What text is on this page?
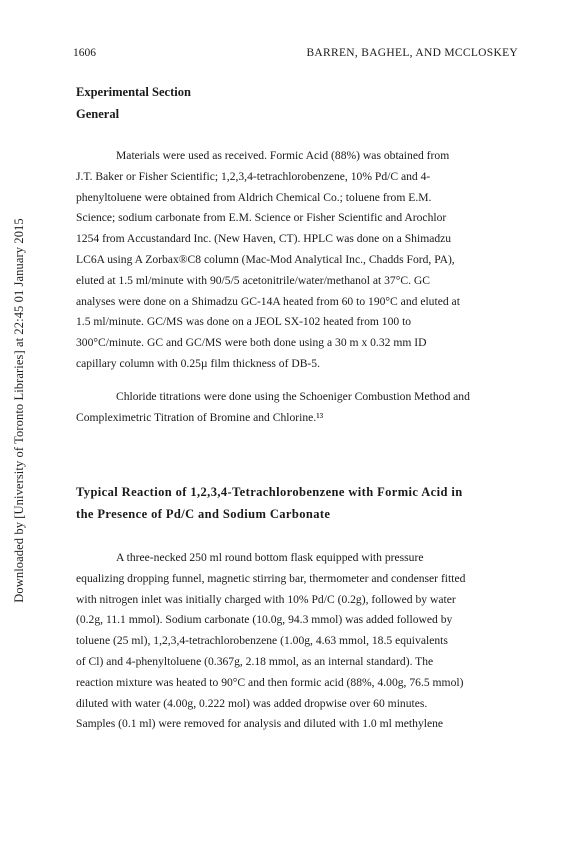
Downloaded by [University of Toronto Libraries] at 22:45 01 January 2015
1606	BARREN, BAGHEL, AND MCCLOSKEY
Experimental Section
General
Materials were used as received. Formic Acid (88%) was obtained from
J.T. Baker or Fisher Scientific; 1,2,3,4-tetrachlorobenzene, 10% Pd/C and 4-
phenyltoluene were obtained from Aldrich Chemical Co.; toluene from E.M.
Science; sodium carbonate from E.M. Science or Fisher Scientific and Arochlor
1254 from Accustandard Inc. (New Haven, CT). HPLC was done on a Shimadzu
LC6A using A Zorbax®C8 column (Mac-Mod Analytical Inc., Chadds Ford, PA),
eluted at 1.5 ml/minute with 90/5/5 acetonitrile/water/methanol at 37°C. GC
analyses were done on a Shimadzu GC-14A heated from 60 to 190°C and eluted at
1.5 ml/minute. GC/MS was done on a JEOL SX-102 heated from 100 to
300°C/minute. GC and GC/MS were both done using a 30 m x 0.32 mm ID
capillary column with 0.25µ film thickness of DB-5.
Chloride titrations were done using the Schoeniger Combustion Method and
Compleximetric Titration of Bromine and Chlorine.¹³
Typical Reaction of 1,2,3,4-Tetrachlorobenzene with Formic Acid in
the Presence of Pd/C and Sodium Carbonate
A three-necked 250 ml round bottom flask equipped with pressure
equalizing dropping funnel, magnetic stirring bar, thermometer and condenser fitted
with nitrogen inlet was initially charged with 10% Pd/C (0.2g), followed by water
(0.2g, 11.1 mmol). Sodium carbonate (10.0g, 94.3 mmol) was added followed by
toluene (25 ml), 1,2,3,4-tetrachlorobenzene (1.00g, 4.63 mmol, 18.5 equivalents
of Cl) and 4-phenyltoluene (0.367g, 2.18 mmol, as an internal standard). The
reaction mixture was heated to 90°C and then formic acid (88%, 4.00g, 76.5 mmol)
diluted with water (4.00g, 0.222 mol) was added dropwise over 60 minutes.
Samples (0.1 ml) were removed for analysis and diluted with 1.0 ml methylene
